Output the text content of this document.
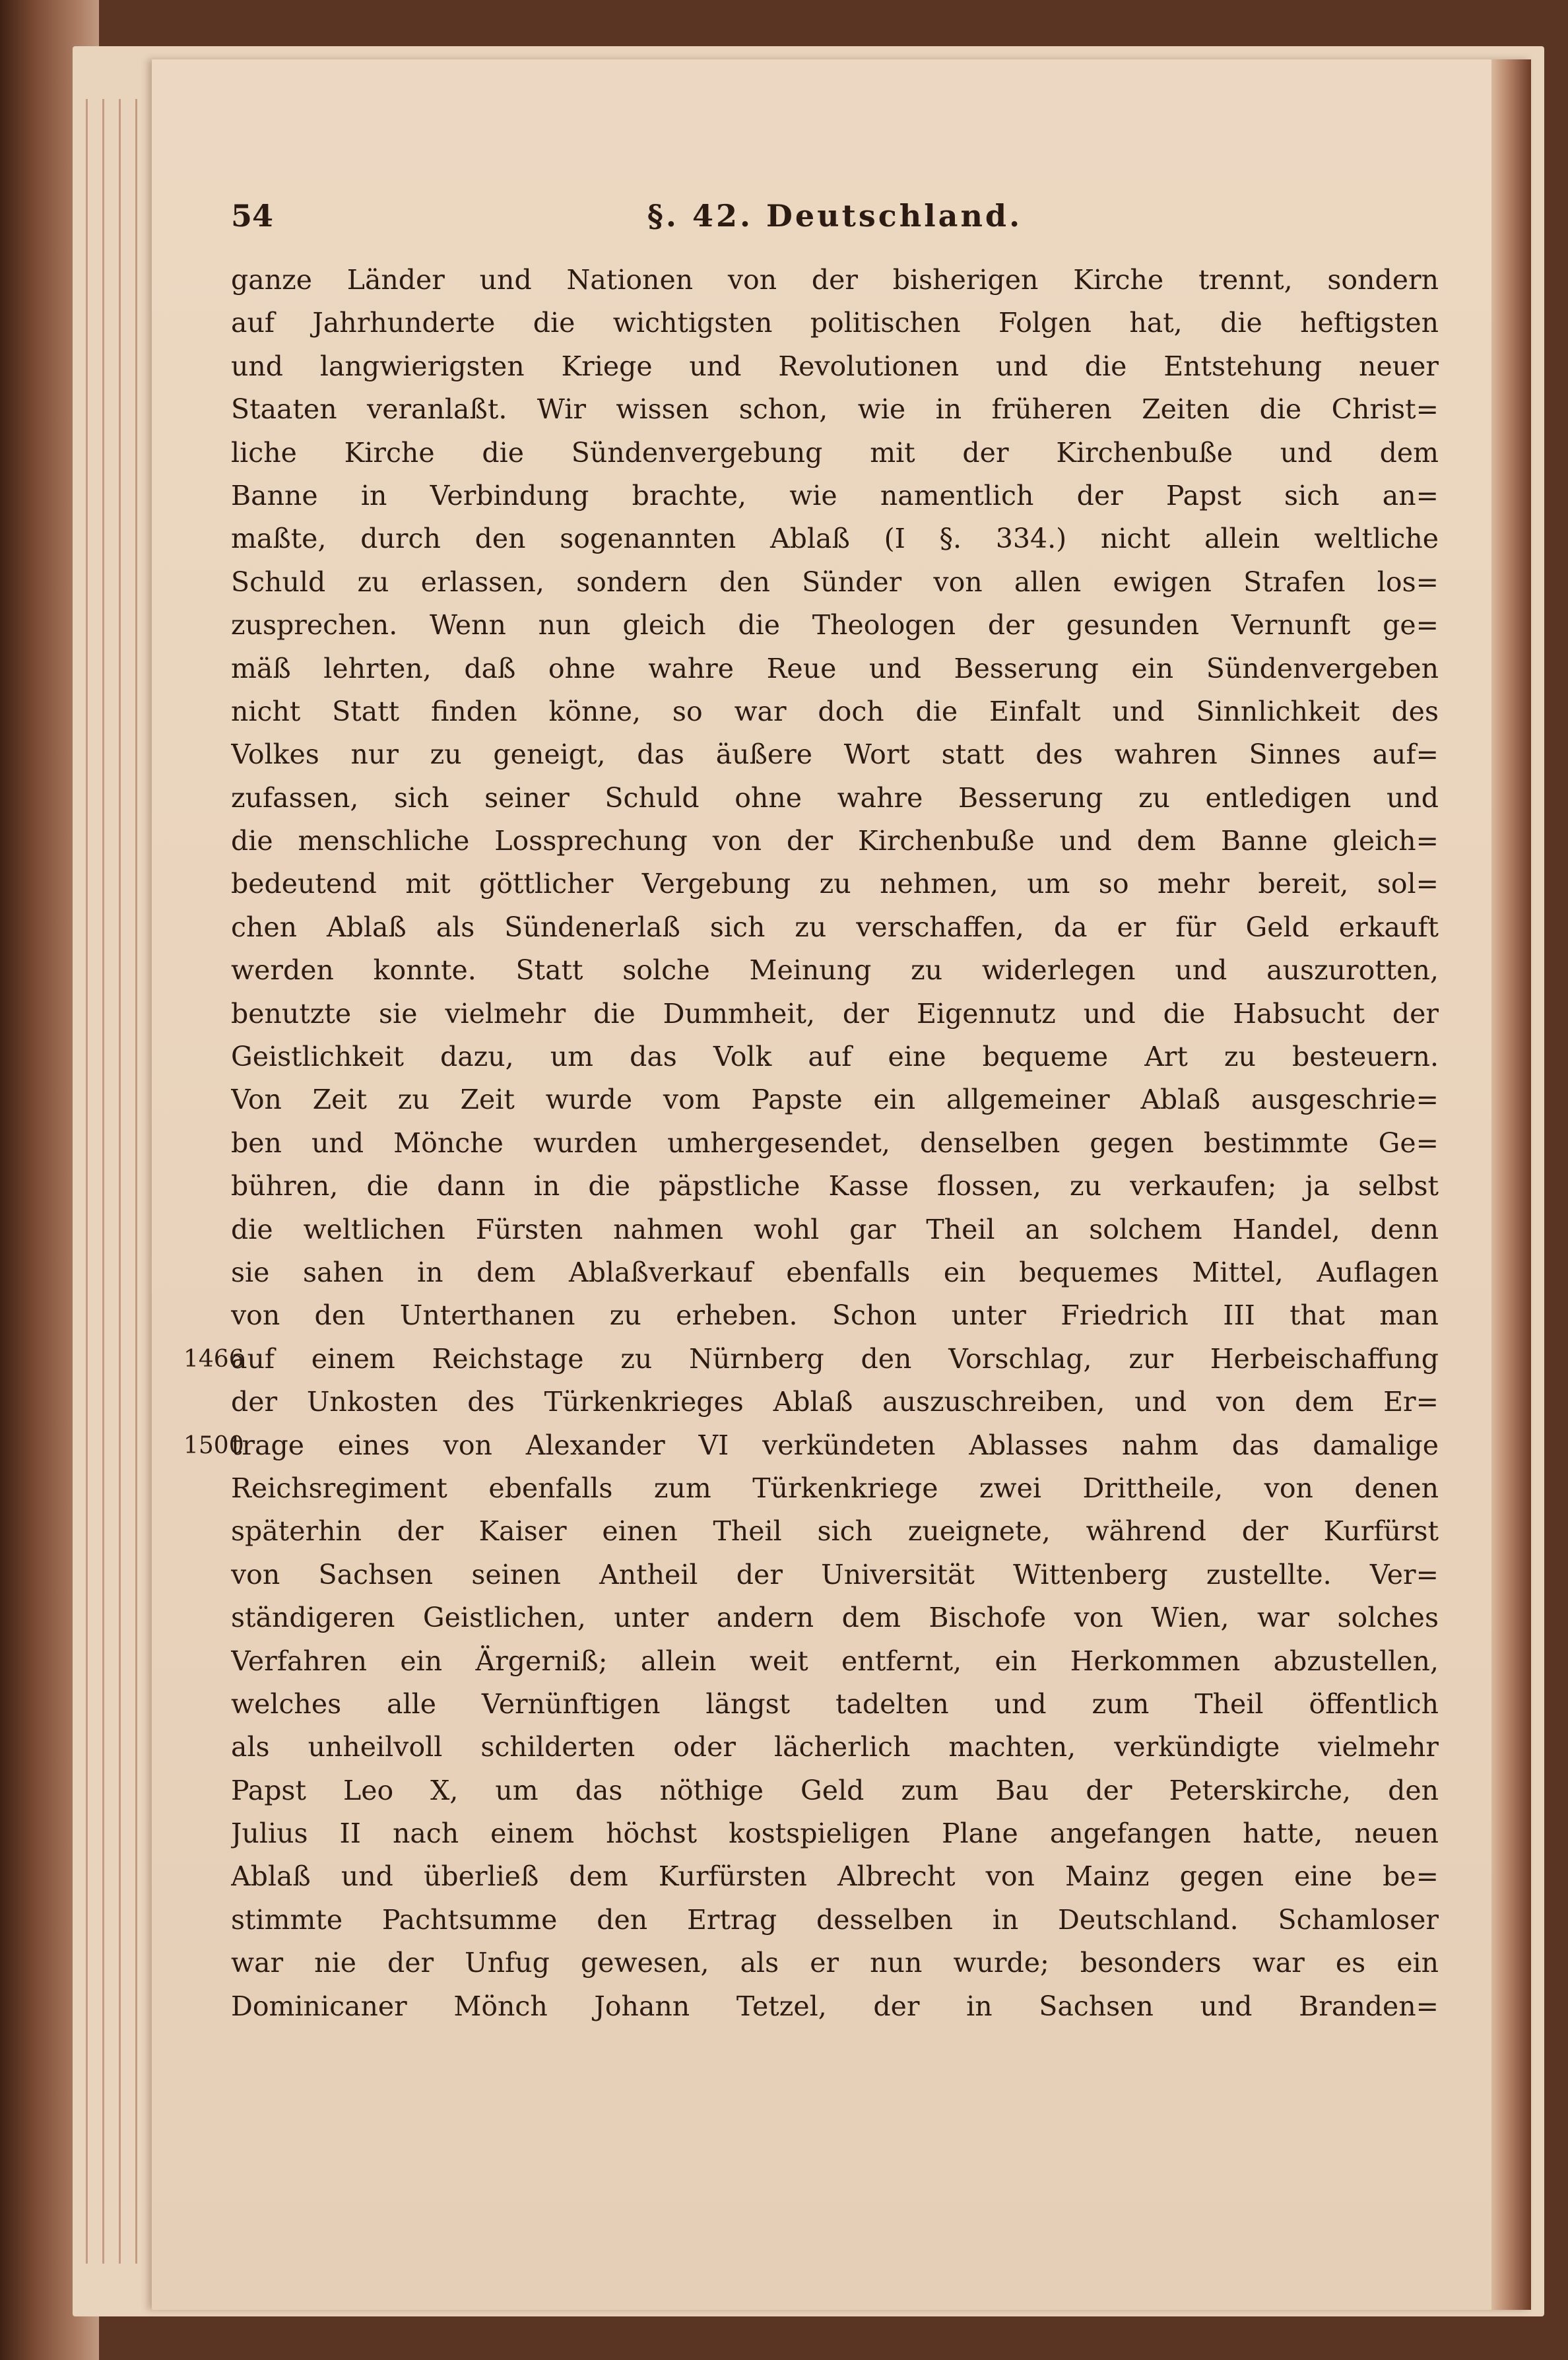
54	§. 42. Deutschland.
1466
1500
ganze Länder und Nationen von der bisherigen Kirche trennt, sondern
auf Jahrhunderte die wichtigsten politischen Folgen hat, die heftigsten
und langwierigsten Kriege und Revolutionen und die Entstehung neuer
Staaten veranlaßt. Wir wissen schon, wie in früheren Zeiten die Christ=
liche Kirche die Sündenvergebung mit der Kirchenbuße und dem
Banne in Verbindung brachte, wie namentlich der Papst sich an=
maßte, durch den sogenannten Ablaß (I §. 334.) nicht allein weltliche
Schuld zu erlassen, sondern den Sünder von allen ewigen Strafen los=
zusprechen. Wenn nun gleich die Theologen der gesunden Vernunft ge=
mäß lehrten, daß ohne wahre Reue und Besserung ein Sündenvergeben
nicht Statt finden könne, so war doch die Einfalt und Sinnlichkeit des
Volkes nur zu geneigt, das äußere Wort statt des wahren Sinnes auf=
zufassen, sich seiner Schuld ohne wahre Besserung zu entledigen und
die menschliche Lossprechung von der Kirchenbuße und dem Banne gleich=
bedeutend mit göttlicher Vergebung zu nehmen, um so mehr bereit, sol=
chen Ablaß als Sündenerlaß sich zu verschaffen, da er für Geld erkauft
werden konnte. Statt solche Meinung zu widerlegen und auszurotten,
benutzte sie vielmehr die Dummheit, der Eigennutz und die Habsucht der
Geistlichkeit dazu, um das Volk auf eine bequeme Art zu besteuern.
Von Zeit zu Zeit wurde vom Papste ein allgemeiner Ablaß ausgeschrie=
ben und Mönche wurden umhergesendet, denselben gegen bestimmte Ge=
bühren, die dann in die päpstliche Kasse flossen, zu verkaufen; ja selbst
die weltlichen Fürsten nahmen wohl gar Theil an solchem Handel, denn
sie sahen in dem Ablaßverkauf ebenfalls ein bequemes Mittel, Auflagen
von den Unterthanen zu erheben. Schon unter Friedrich III that man
auf einem Reichstage zu Nürnberg den Vorschlag, zur Herbeischaffung
der Unkosten des Türkenkrieges Ablaß auszuschreiben, und von dem Er=
trage eines von Alexander VI verkündeten Ablasses nahm das damalige
Reichsregiment ebenfalls zum Türkenkriege zwei Drittheile, von denen
späterhin der Kaiser einen Theil sich zueignete, während der Kurfürst
von Sachsen seinen Antheil der Universität Wittenberg zustellte. Ver=
ständigeren Geistlichen, unter andern dem Bischofe von Wien, war solches
Verfahren ein Ärgerniß; allein weit entfernt, ein Herkommen abzustellen,
welches alle Vernünftigen längst tadelten und zum Theil öffentlich
als unheilvoll schilderten oder lächerlich machten, verkündigte vielmehr
Papst Leo X, um das nöthige Geld zum Bau der Peterskirche, den
Julius II nach einem höchst kostspieligen Plane angefangen hatte, neuen
Ablaß und überließ dem Kurfürsten Albrecht von Mainz gegen eine be=
stimmte Pachtsumme den Ertrag desselben in Deutschland. Schamloser
war nie der Unfug gewesen, als er nun wurde; besonders war es ein
Dominicaner Mönch Johann Tetzel, der in Sachsen und Branden=
